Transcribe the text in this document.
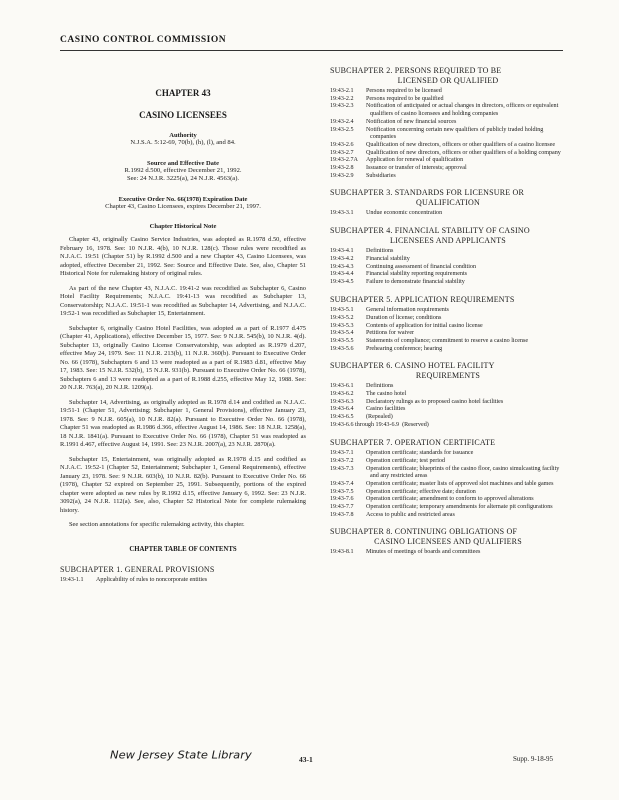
CASINO CONTROL COMMISSION
CHAPTER 43
CASINO LICENSEES
Authority
N.J.S.A. 5:12-69, 70(b), (h), (l), and 84.
Source and Effective Date
R.1992 d.500, effective December 21, 1992.
See: 24 N.J.R. 3225(a), 24 N.J.R. 4563(a).
Executive Order No. 66(1978) Expiration Date
Chapter 43, Casino Licensees, expires December 21, 1997.
Chapter Historical Note

Chapter 43, originally Casino Service Industries, was adopted as R.1978 d.50, effective February 16, 1978. See: 10 N.J.R. 4(b), 10 N.J.R. 128(c). Those rules were recodified as N.J.A.C. 19:51 (Chapter 51) by R.1992 d.500 and a new Chapter 43, Casino Licensees, was adopted, effective December 21, 1992. See: Source and Effective Date. See, also, Chapter 51 Historical Note for rulemaking history of original rules.

As part of the new Chapter 43, N.J.A.C. 19:41-2 was recodified as Subchapter 6, Casino Hotel Facility Requirements; N.J.A.C. 19:41-13 was recodified as Subchapter 13, Conservatorship; N.J.A.C. 19:51-1 was recodified as Subchapter 14, Advertising, and N.J.A.C. 19:52-1 was recodified as Subchapter 15, Entertainment.

Subchapter 6, originally Casino Hotel Facilities, was adopted as a part of R.1977 d.475 (Chapter 41, Applications), effective December 15, 1977. See: 9 N.J.R. 545(b), 10 N.J.R. 4(d). Subchapter 13, originally Casino License Conservatorship, was adopted as R.1979 d.207, effective May 24, 1979. See: 11 N.J.R. 213(b), 11 N.J.R. 360(b). Pursuant to Executive Order No. 66 (1978), Subchapters 6 and 13 were readopted as a part of R.1983 d.81, effective May 17, 1983. See: 15 N.J.R. 532(b), 15 N.J.R. 931(b). Pursuant to Executive Order No. 66 (1978), Subchapters 6 and 13 were readopted as a part of R.1988 d.255, effective May 12, 1988. See: 20 N.J.R. 763(a), 20 N.J.R. 1209(a).

Subchapter 14, Advertising, as originally adopted as R.1978 d.14 and codified as N.J.A.C. 19:51-1 (Chapter 51, Advertising; Subchapter 1, General Provisions), effective January 23, 1978. See: 9 N.J.R. 605(a), 10 N.J.R. 82(a). Pursuant to Executive Order No. 66 (1978), Chapter 51 was readopted as R.1986 d.366, effective August 14, 1986. See: 18 N.J.R. 1258(a), 18 N.J.R. 1841(a). Pursuant to Executive Order No. 66 (1978), Chapter 51 was readopted as R.1991 d.467, effective August 14, 1991. See: 23 N.J.R. 2007(a), 23 N.J.R. 2870(a).

Subchapter 15, Entertainment, was originally adopted as R.1978 d.15 and codified as N.J.A.C. 19:52-1 (Chapter 52, Entertainment; Subchapter 1, General Requirements), effective January 23, 1978. See: 9 N.J.R. 603(b), 10 N.J.R. 82(b). Pursuant to Executive Order No. 66 (1978), Chapter 52 expired on September 25, 1991. Subsequently, portions of the expired chapter were adopted as new rules by R.1992 d.15, effective January 6, 1992. See: 23 N.J.R. 3092(a), 24 N.J.R. 112(a). See, also, Chapter 52 Historical Note for complete rulemaking history.

See section annotations for specific rulemaking activity, this chapter.

CHAPTER TABLE OF CONTENTS
SUBCHAPTER 1. GENERAL PROVISIONS
19:43-1.1	Applicability of rules to noncorporate entities
SUBCHAPTER 2. PERSONS REQUIRED TO BE
LICENSED OR QUALIFIED
19:43-2.1	Persons required to be licensed
19:43-2.2	Persons required to be qualified
19:43-2.3	Notification of anticipated or actual changes in directors, officers or equivalent qualifiers of casino licensees and holding companies
19:43-2.4	Notification of new financial sources
19:43-2.5	Notification concerning certain new qualifiers of publicly traded holding companies
19:43-2.6	Qualification of new directors, officers or other qualifiers of a casino licensee
19:43-2.7	Qualification of new directors, officers or other qualifiers of a holding company
19:43-2.7A	Application for renewal of qualification
19:43-2.8	Issuance or transfer of interests; approval
19:43-2.9	Subsidiaries
SUBCHAPTER 3. STANDARDS FOR LICENSURE OR
QUALIFICATION
19:43-3.1	Undue economic concentration
SUBCHAPTER 4. FINANCIAL STABILITY OF CASINO
LICENSEES AND APPLICANTS
19:43-4.1	Definitions
19:43-4.2	Financial stability
19:43-4.3	Continuing assessment of financial condition
19:43-4.4	Financial stability reporting requirements
19:43-4.5	Failure to demonstrate financial stability
SUBCHAPTER 5. APPLICATION REQUIREMENTS
19:43-5.1	General information requirements
19:43-5.2	Duration of license; conditions
19:43-5.3	Contents of application for initial casino license
19:43-5.4	Petitions for waiver
19:43-5.5	Statements of compliance; commitment to reserve a casino license
19:43-5.6	Prehearing conference; hearing
SUBCHAPTER 6. CASINO HOTEL FACILITY
REQUIREMENTS
19:43-6.1	Definitions
19:43-6.2	The casino hotel
19:43-6.3	Declaratory rulings as to proposed casino hotel facilities
19:43-6.4	Casino facilities
19:43-6.5	(Repealed)
19:43-6.6 through 19:43-6.9 (Reserved)
SUBCHAPTER 7. OPERATION CERTIFICATE
19:43-7.1	Operation certificate; standards for issuance
19:43-7.2	Operation certificate; test period
19:43-7.3	Operation certificate; blueprints of the casino floor, casino simulcasting facility and any restricted areas
19:43-7.4	Operation certificate; master lists of approved slot machines and table games
19:43-7.5	Operation certificate; effective date; duration
19:43-7.6	Operation certificate; amendment to conform to approved alterations
19:43-7.7	Operation certificate; temporary amendments for alternate pit configurations
19:43-7.8	Access to public and restricted areas
SUBCHAPTER 8. CONTINUING OBLIGATIONS OF
CASINO LICENSEES AND QUALIFIERS
19:43-8.1	Minutes of meetings of boards and committees
New Jersey State Library	43-1	Supp. 9-18-95
